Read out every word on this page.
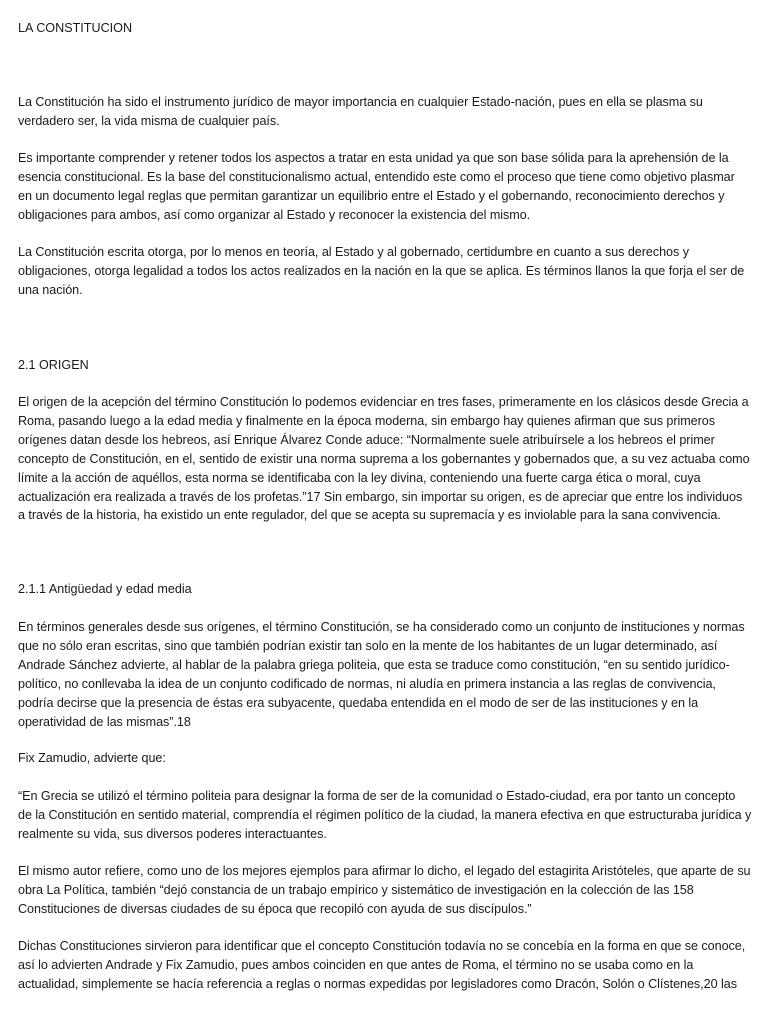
LA CONSTITUCION

La Constitución ha sido el instrumento jurídico de mayor importancia en cualquier Estado-nación, pues en ella se plasma su verdadero ser, la vida misma de cualquier país.

Es importante comprender y retener todos los aspectos a tratar en esta unidad ya que son base sólida para la aprehensión de la esencia constitucional. Es la base del constitucionalismo actual, entendido este como el proceso que tiene como objetivo plasmar en un documento legal reglas que permitan garantizar un equilibrio entre el Estado y el gobernando, reconocimiento derechos y obligaciones para ambos, así como organizar al Estado y reconocer la existencia del mismo.

La Constitución escrita otorga, por lo menos en teoría, al Estado y al gobernado, certidumbre en cuanto a sus derechos y obligaciones, otorga legalidad a todos los actos realizados en la nación en la que se aplica. Es términos llanos la que forja el ser de una nación.

2.1 ORIGEN

El origen de la acepción del término Constitución lo podemos evidenciar en tres fases, primeramente en los clásicos desde Grecia a Roma, pasando luego a la edad media y finalmente en la época moderna, sin embargo hay quienes afirman que sus primeros orígenes datan desde los hebreos, así Enrique Álvarez Conde aduce: “Normalmente suele atribuírsele a los hebreos el primer concepto de Constitución, en el, sentido de existir una norma suprema a los gobernantes y gobernados que, a su vez actuaba como límite a la acción de aquéllos, esta norma se identificaba con la ley divina, conteniendo una fuerte carga ética o moral, cuya actualización era realizada a través de los profetas.”17 Sin embargo, sin importar su origen, es de apreciar que entre los individuos a través de la historia, ha existido un ente regulador, del que se acepta su supremacía y es inviolable para la sana convivencia.

2.1.1 Antigüedad y edad media

En términos generales desde sus orígenes, el término Constitución, se ha considerado como un conjunto de instituciones y normas que no sólo eran escritas, sino que también podrían existir tan solo en la mente de los habitantes de un lugar determinado, así Andrade Sánchez advierte, al hablar de la palabra griega politeia, que esta se traduce como constitución, “en su sentido jurídico-político, no conllevaba la idea de un conjunto codificado de normas, ni aludía en primera instancia a las reglas de convivencia, podría decirse que la presencia de éstas era subyacente, quedaba entendida en el modo de ser de las instituciones y en la operatividad de las mismas”.18

Fix Zamudio, advierte que:

“En Grecia se utilizó el término politeia para designar la forma de ser de la comunidad o Estado-ciudad, era por tanto un concepto de la Constitución en sentido material, comprendía el régimen político de la ciudad, la manera efectiva en que estructuraba jurídica y realmente su vida, sus diversos poderes interactuantes.

El mismo autor refiere, como uno de los mejores ejemplos para afirmar lo dicho, el legado del estagirita Aristóteles, que aparte de su obra La Política, también “dejó constancia de un trabajo empírico y sistemático de investigación en la colección de las 158 Constituciones de diversas ciudades de su época que recopiló con ayuda de sus discípulos.”

Dichas Constituciones sirvieron para identificar que el concepto Constitución todavía no se concebía en la forma en que se conoce, así lo advierten Andrade y Fix Zamudio, pues ambos coinciden en que antes de Roma, el término no se usaba como en la actualidad, simplemente se hacía referencia a reglas o normas expedidas por legisladores como Dracón, Solón o Clístenes,20 las
